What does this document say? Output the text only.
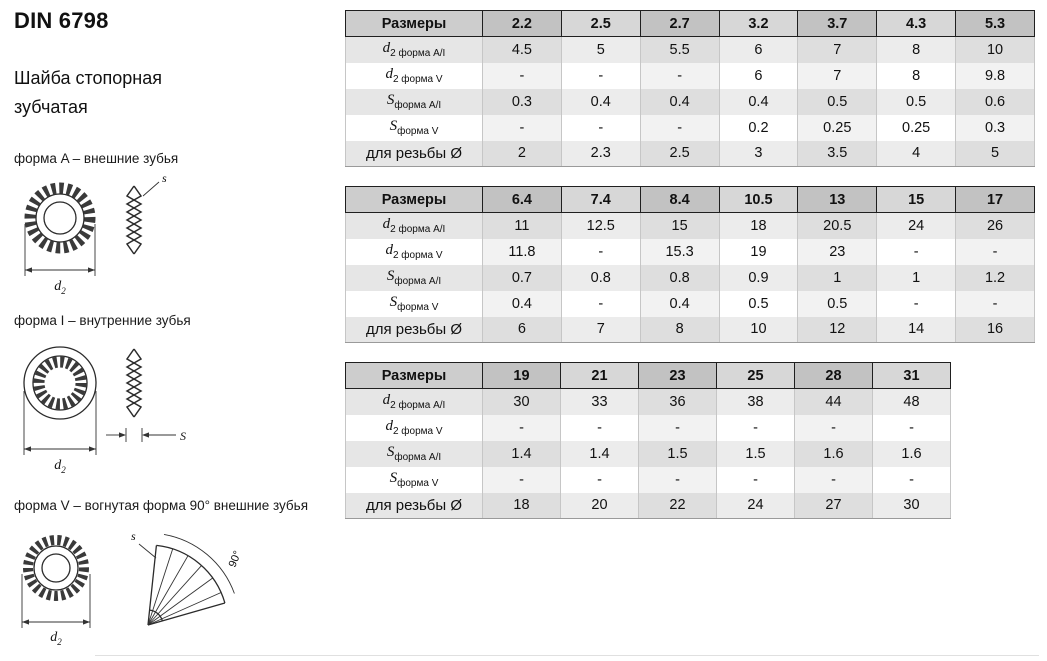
DIN 6798
Шайба стопорная зубчатая
форма A – внешние зубья
форма I – внутренние зубья
форма V – вогнутая форма 90° внешние зубья
$d_2$
s
$d_2$
S
$d_2$
90°
s
Размеры	2.2	2.5	2.7	3.2	3.7	4.3	5.3
$d_{2 форма A/I}$	4.5	5	5.5	6	7	8	10
$d_{2 форма V}$	-	-	-	6	7	8	9.8
$S_{форма A/I}$	0.3	0.4	0.4	0.4	0.5	0.5	0.6
$S_{форма V}$	-	-	-	0.2	0.25	0.25	0.3
для резьбы Ø	2	2.3	2.5	3	3.5	4	5
Размеры	6.4	7.4	8.4	10.5	13	15	17
$d_{2 форма A/I}$	11	12.5	15	18	20.5	24	26
$d_{2 форма V}$	11.8	-	15.3	19	23	-	-
$S_{форма A/I}$	0.7	0.8	0.8	0.9	1	1	1.2
$S_{форма V}$	0.4	-	0.4	0.5	0.5	-	-
для резьбы Ø	6	7	8	10	12	14	16
Размеры	19	21	23	25	28	31
$d_{2 форма A/I}$	30	33	36	38	44	48
$d_{2 форма V}$	-	-	-	-	-	-
$S_{форма A/I}$	1.4	1.4	1.5	1.5	1.6	1.6
$S_{форма V}$	-	-	-	-	-	-
для резьбы Ø	18	20	22	24	27	30
